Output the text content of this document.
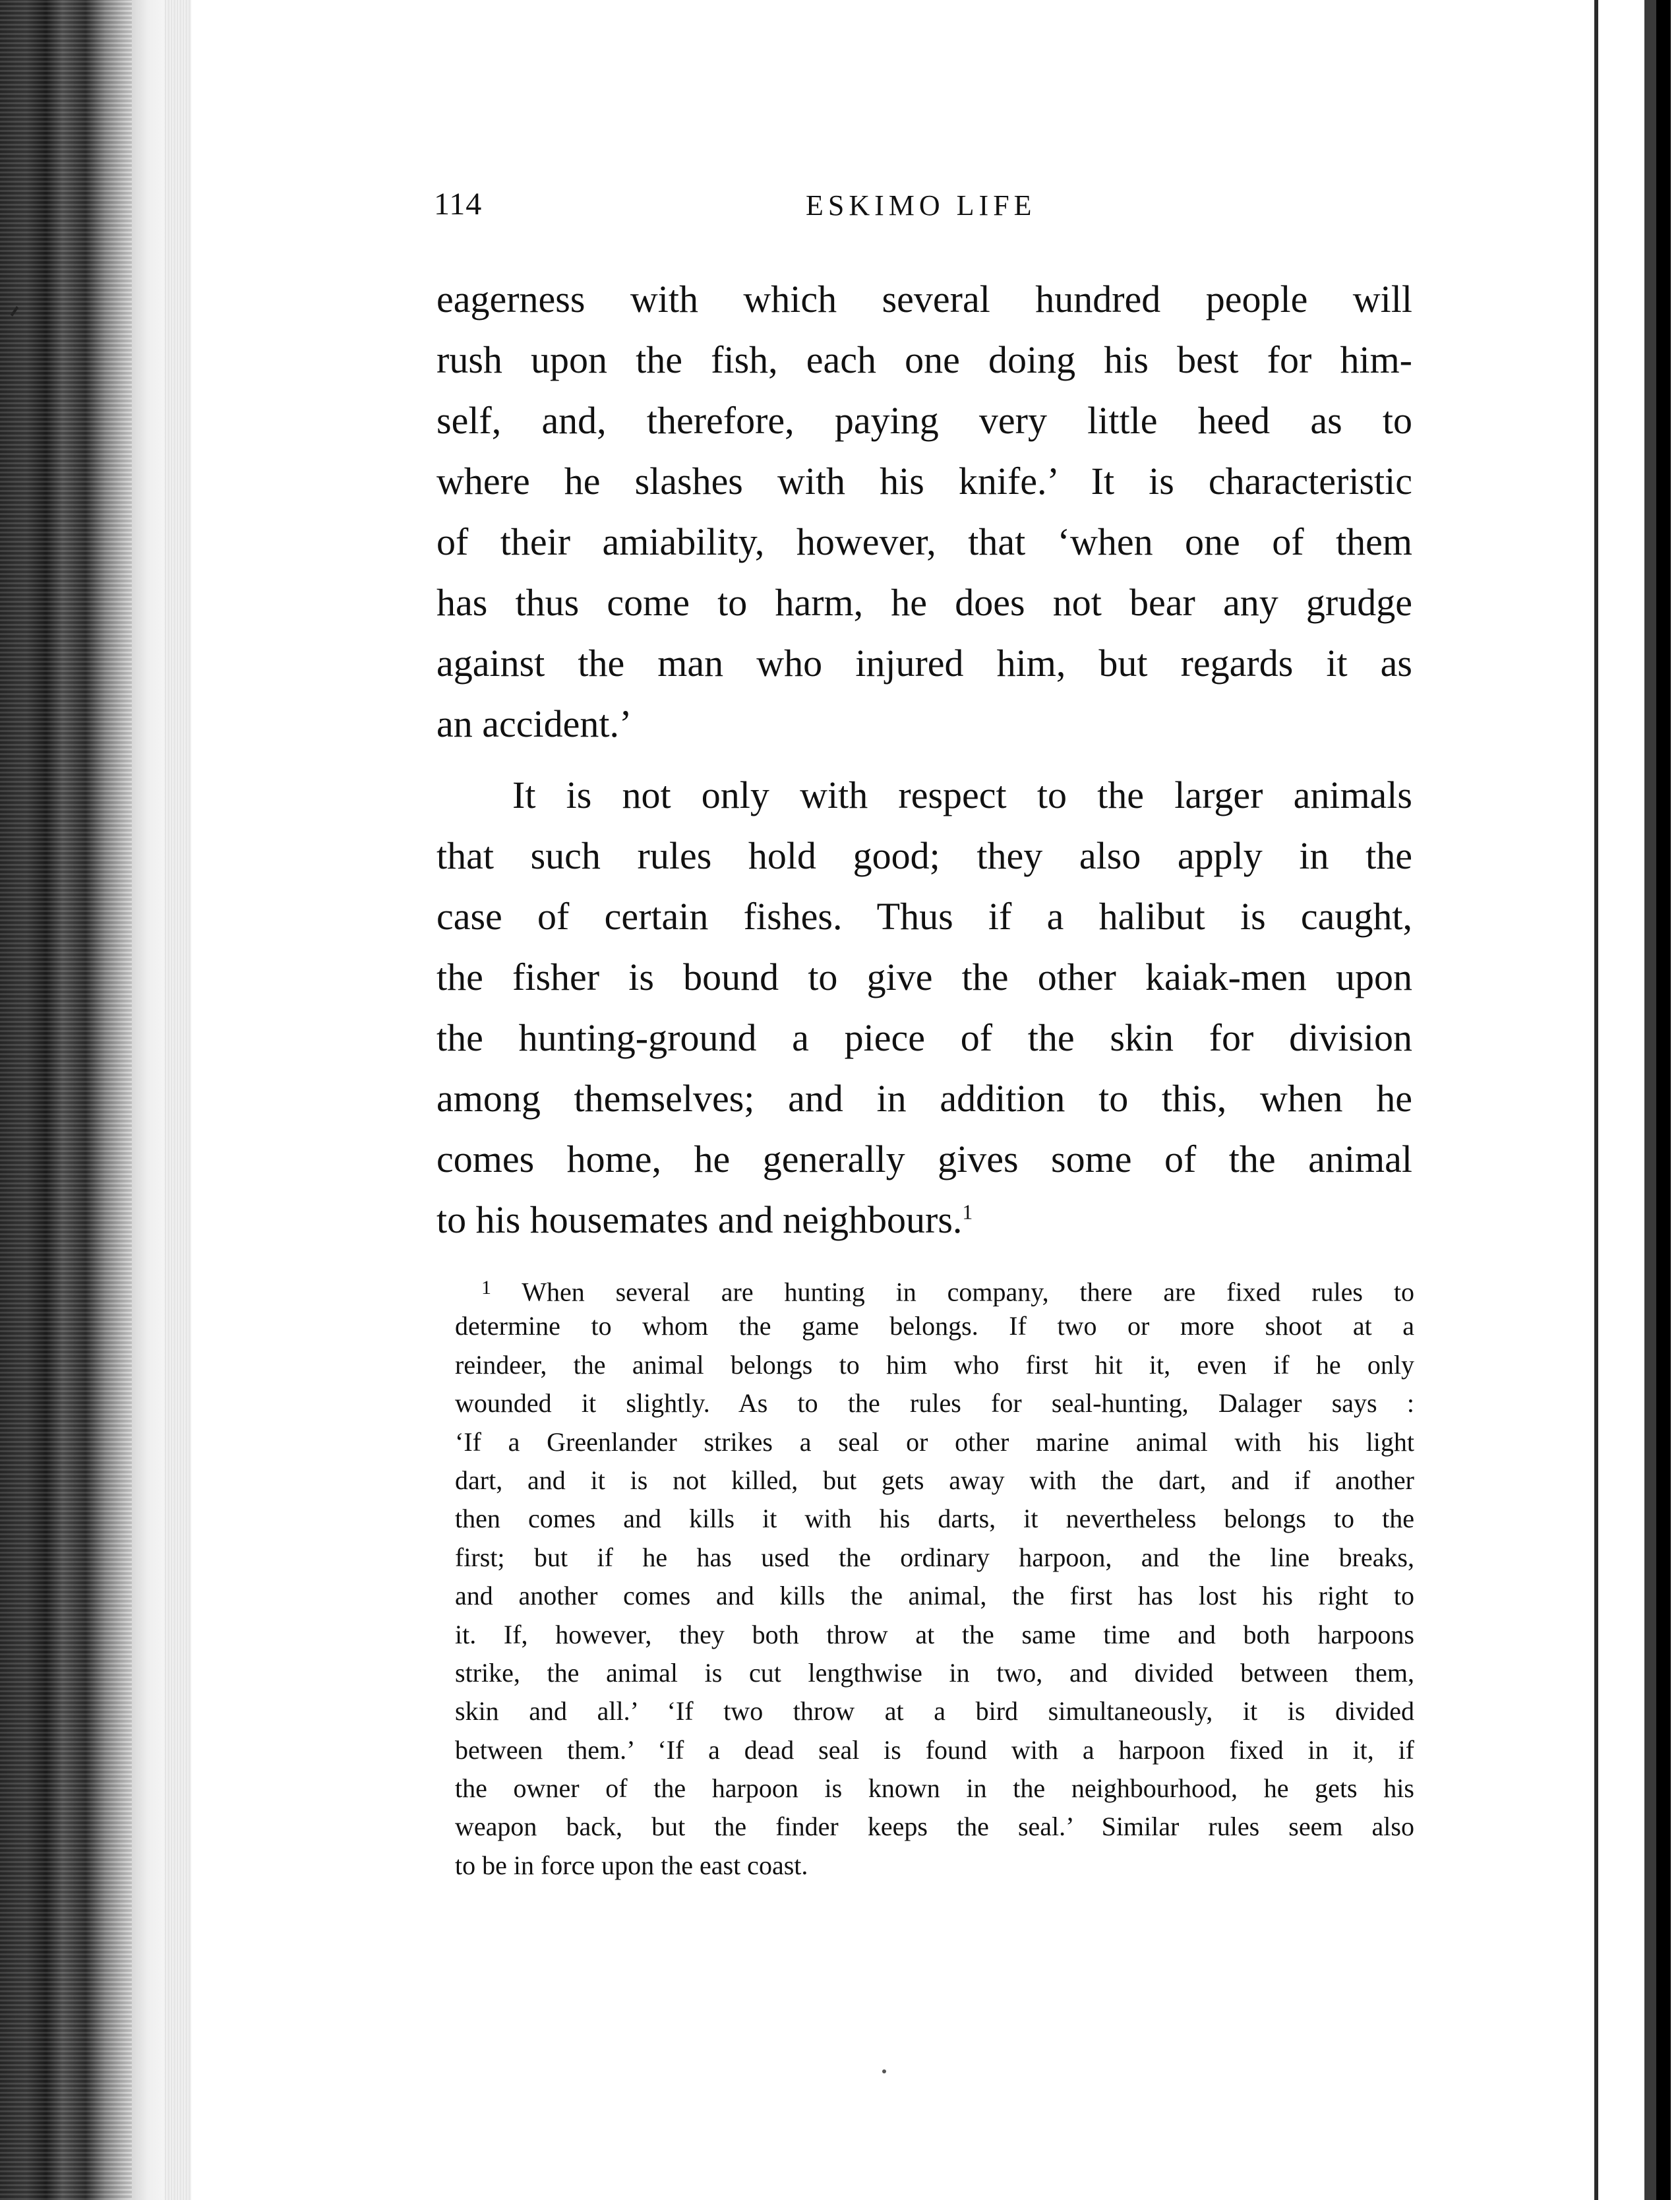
114	ESKIMO LIFE
eagerness with which several hundred people will
rush upon the fish, each one doing his best for him-
self, and, therefore, paying very little heed as to
where he slashes with his knife.’ It is characteristic
of their amiability, however, that ‘when one of them
has thus come to harm, he does not bear any grudge
against the man who injured him, but regards it as
an accident.’
It is not only with respect to the larger animals
that such rules hold good; they also apply in the
case of certain fishes. Thus if a halibut is caught,
the fisher is bound to give the other kaiak-men upon
the hunting-ground a piece of the skin for division
among themselves; and in addition to this, when he
comes home, he generally gives some of the animal
to his housemates and neighbours.$^1$
$^1$ When several are hunting in company, there are fixed rules to
determine to whom the game belongs. If two or more shoot at a
reindeer, the animal belongs to him who first hit it, even if he only
wounded it slightly. As to the rules for seal-hunting, Dalager says :
‘If a Greenlander strikes a seal or other marine animal with his light
dart, and it is not killed, but gets away with the dart, and if another
then comes and kills it with his darts, it nevertheless belongs to the
first; but if he has used the ordinary harpoon, and the line breaks,
and another comes and kills the animal, the first has lost his right to
it. If, however, they both throw at the same time and both harpoons
strike, the animal is cut lengthwise in two, and divided between them,
skin and all.’ ‘If two throw at a bird simultaneously, it is divided
between them.’ ‘If a dead seal is found with a harpoon fixed in it, if
the owner of the harpoon is known in the neighbourhood, he gets his
weapon back, but the finder keeps the seal.’ Similar rules seem also
to be in force upon the east coast.
